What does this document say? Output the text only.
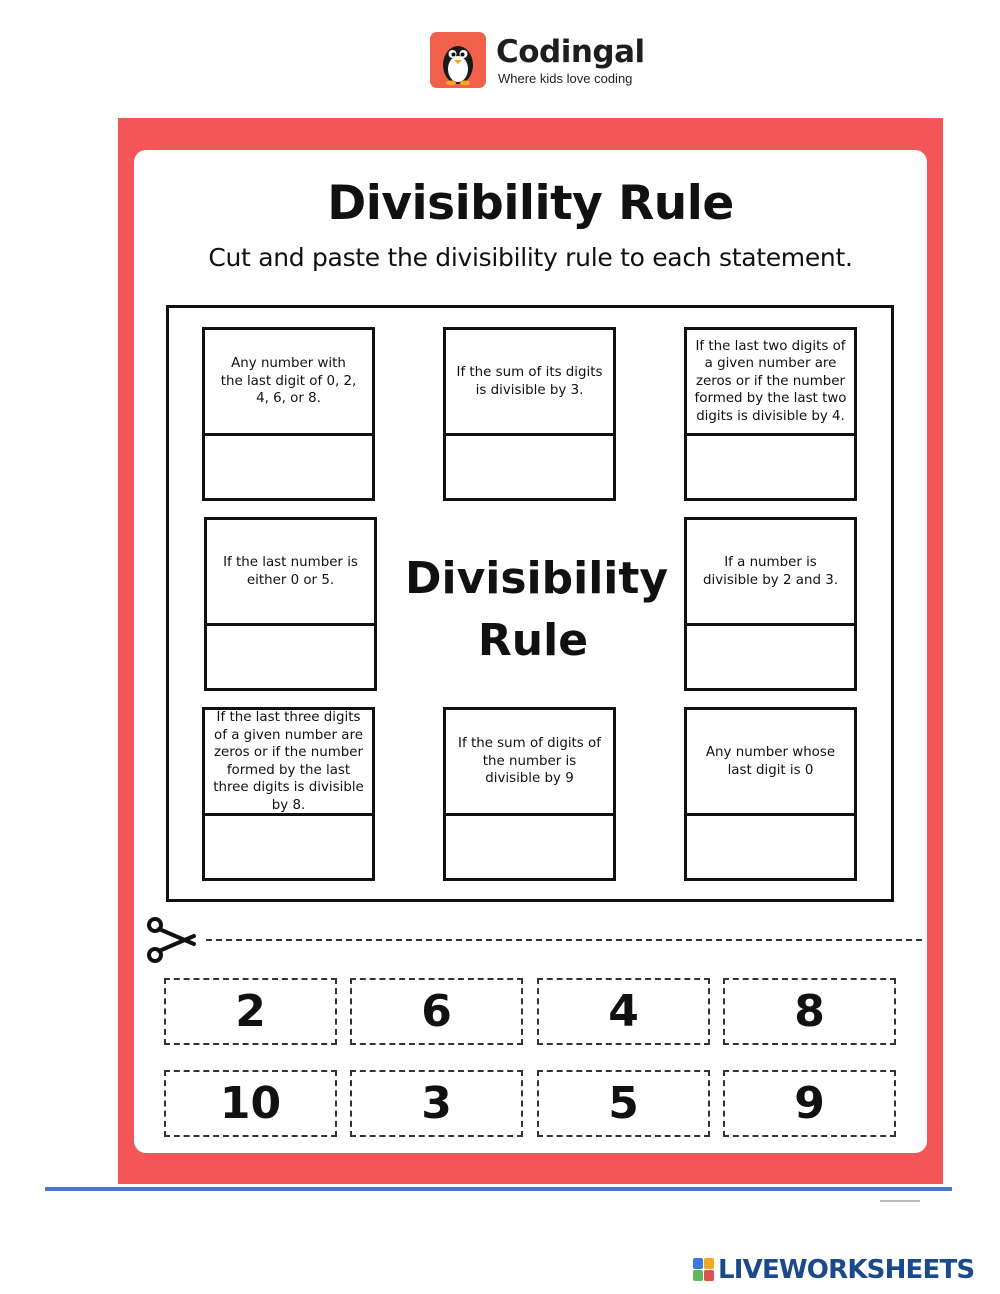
Codingal
Where kids love coding
Divisibility Rule
Cut and paste the divisibility rule to each statement.
Any number with the last digit of 0, 2, 4, 6, or 8.
If the sum of its digits is divisible by 3.
If the last two digits of a given number are zeros or if the number formed by the last two digits is divisible by 4.
If the last number is either 0 or 5.	Divisibility Rule
If a number is divisible by 2 and 3.
If the last three digits of a given number are zeros or if the number formed by the last three digits is divisible by 8.
If the sum of digits of the number is divisible by 9
Any number whose last digit is 0
2	6	4	8
10	3	5	9
LIVEWORKSHEETS
